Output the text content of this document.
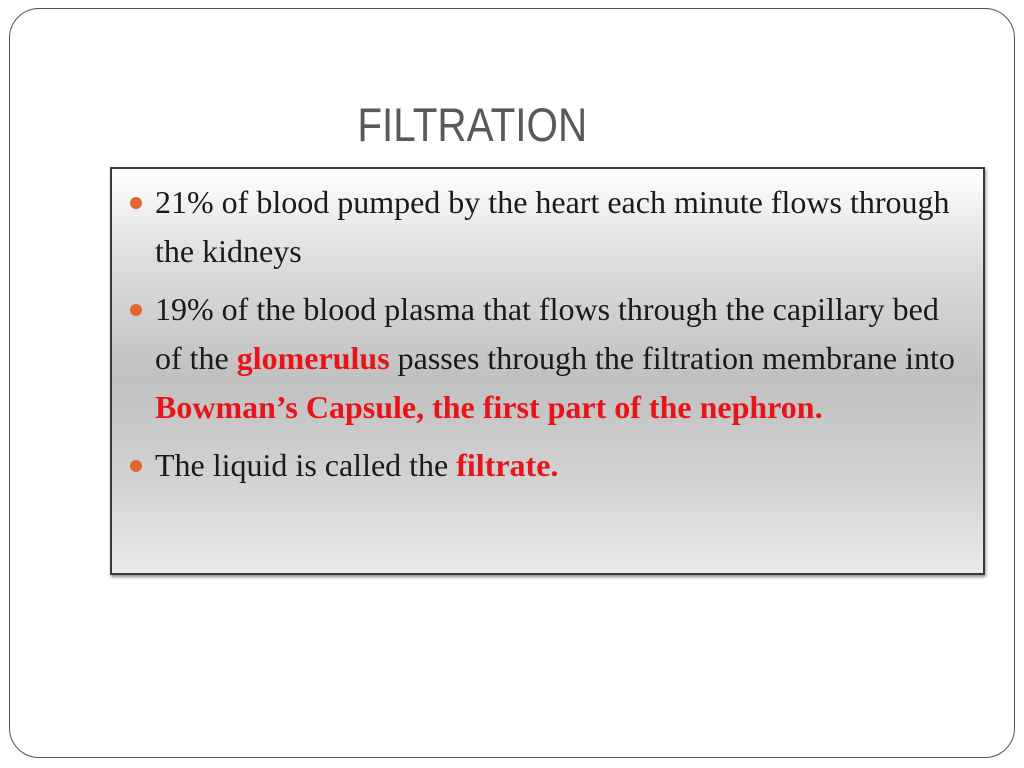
FILTRATION
21% of blood pumped by the heart each minute flows through the kidneys
19% of the blood plasma that flows through the capillary bed of the glomerulus passes through the filtration membrane into Bowman’s Capsule, the first part of the nephron.
The liquid is called the filtrate.
